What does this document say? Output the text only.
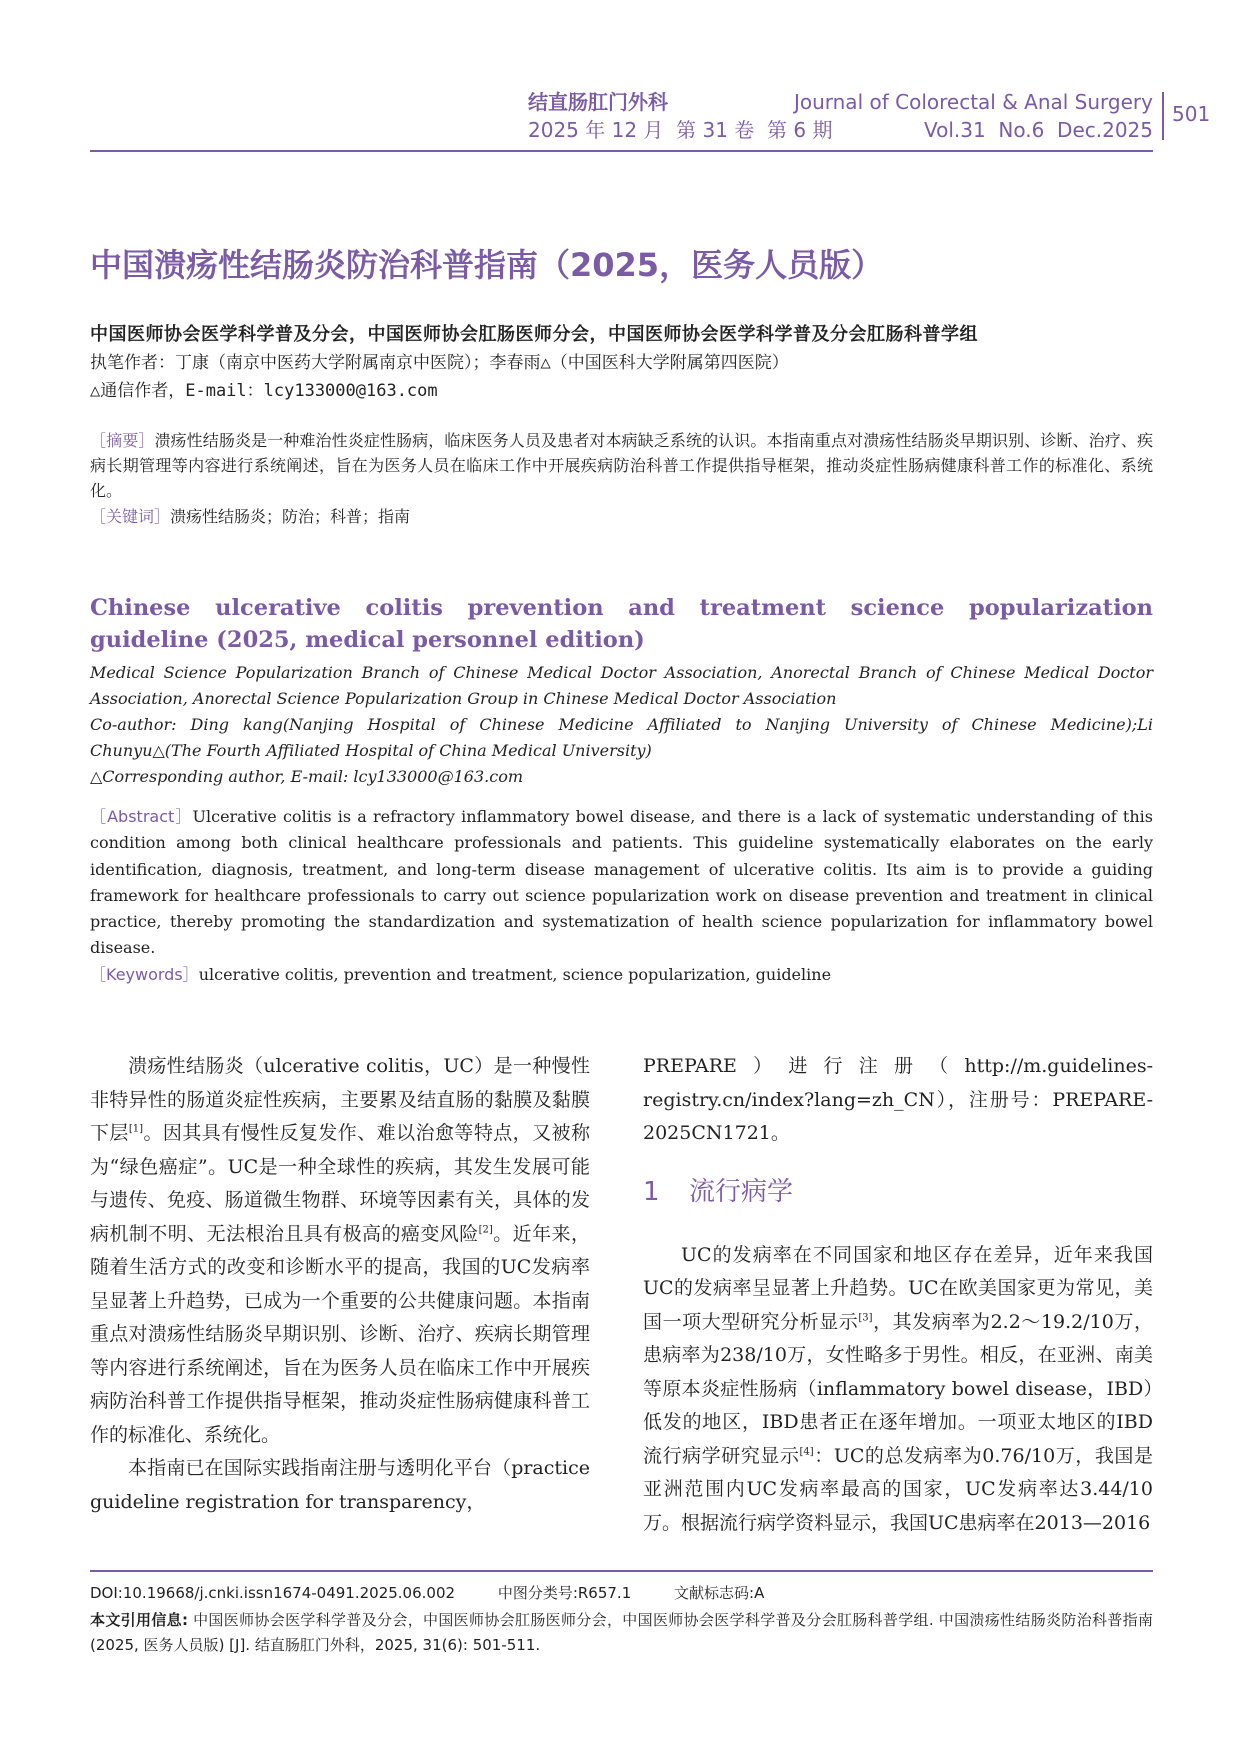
结直肠肛门外科	Journal of Colorectal & Anal Surgery
2025 年 12 月  第 31 卷  第 6 期	Vol.31  No.6  Dec.2025
501
中国溃疡性结肠炎防治科普指南（2025，医务人员版）
中国医师协会医学科学普及分会，中国医师协会肛肠医师分会，中国医师协会医学科学普及分会肛肠科普学组
执笔作者：丁康（南京中医药大学附属南京中医院）；李春雨△（中国医科大学附属第四医院）
△通信作者，E-mail：lcy133000@163.com
［摘要］溃疡性结肠炎是一种难治性炎症性肠病，临床医务人员及患者对本病缺乏系统的认识。本指南重点对溃疡性结肠炎早期识别、诊断、治疗、疾病长期管理等内容进行系统阐述，旨在为医务人员在临床工作中开展疾病防治科普工作提供指导框架，推动炎症性肠病健康科普工作的标准化、系统化。
［关键词］溃疡性结肠炎；防治；科普；指南
Chinese ulcerative colitis prevention and treatment science popularization guideline (2025, medical personnel edition)
Medical Science Popularization Branch of Chinese Medical Doctor Association, Anorectal Branch of Chinese Medical Doctor Association, Anorectal Science Popularization Group in Chinese Medical Doctor Association
Co-author: Ding kang(Nanjing Hospital of Chinese Medicine Affiliated to Nanjing University of Chinese Medicine);Li Chunyu△(The Fourth Affiliated Hospital of China Medical University)
△Corresponding author, E-mail: lcy133000@163.com
［Abstract］Ulcerative colitis is a refractory inflammatory bowel disease, and there is a lack of systematic understanding of this condition among both clinical healthcare professionals and patients. This guideline systematically elaborates on the early identification, diagnosis, treatment, and long-term disease management of ulcerative colitis. Its aim is to provide a guiding framework for healthcare professionals to carry out science popularization work on disease prevention and treatment in clinical practice, thereby promoting the standardization and systematization of health science popularization for inflammatory bowel disease.
［Keywords］ulcerative colitis, prevention and treatment, science popularization, guideline

溃疡性结肠炎（ulcerative colitis，UC）是一种慢性非特异性的肠道炎症性疾病，主要累及结直肠的黏膜及黏膜下层[1]。因其具有慢性反复发作、难以治愈等特点，又被称为“绿色癌症”。UC是一种全球性的疾病，其发生发展可能与遗传、免疫、肠道微生物群、环境等因素有关，具体的发病机制不明、无法根治且具有极高的癌变风险[2]。近年来，随着生活方式的改变和诊断水平的提高，我国的UC发病率呈显著上升趋势，已成为一个重要的公共健康问题。本指南重点对溃疡性结肠炎早期识别、诊断、治疗、疾病长期管理等内容进行系统阐述，旨在为医务人员在临床工作中开展疾病防治科普工作提供指导框架，推动炎症性肠病健康科普工作的标准化、系统化。

本指南已在国际实践指南注册与透明化平台（practice guideline registration for transparency，

PREPARE）进行注册（http://m.guidelines-registry.cn/index?lang=zh_CN），注册号：PREPARE-2025CN1721。

1 流行病学

UC的发病率在不同国家和地区存在差异，近年来我国UC的发病率呈显著上升趋势。UC在欧美国家更为常见，美国一项大型研究分析显示[3]，其发病率为2.2～19.2/10万，患病率为238/10万，女性略多于男性。相反，在亚洲、南美等原本炎症性肠病（inflammatory bowel disease，IBD）低发的地区，IBD患者正在逐年增加。一项亚太地区的IBD流行病学研究显示[4]：UC的总发病率为0.76/10万，我国是亚洲范围内UC发病率最高的国家，UC发病率达3.44/10万。根据流行病学资料显示，我国UC患病率在2013—2016

DOI:10.19668/j.cnki.issn1674-0491.2025.06.002	中图分类号:R657.1	文献标志码:A
本文引用信息: 中国医师协会医学科学普及分会，中国医师协会肛肠医师分会，中国医师协会医学科学普及分会肛肠科普学组. 中国溃疡性结肠炎防治科普指南(2025, 医务人员版) [J]. 结直肠肛门外科，2025, 31(6): 501-511.
